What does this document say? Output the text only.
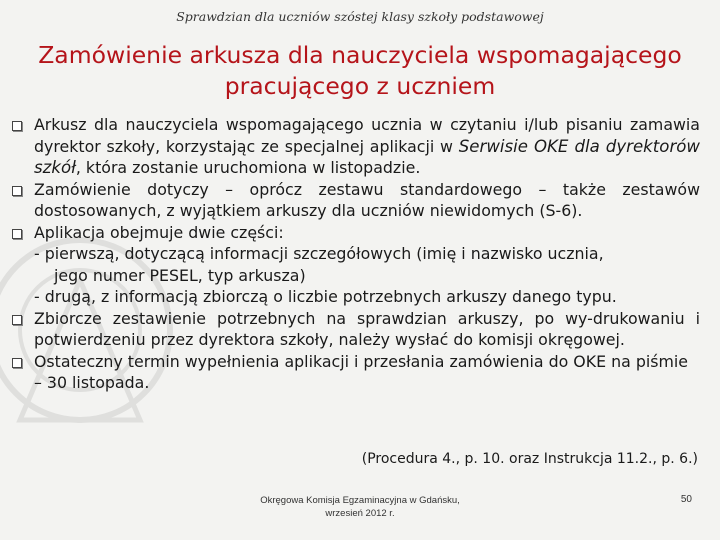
Sprawdzian dla uczniów szóstej klasy szkoły podstawowej
Zamówienie arkusza dla nauczyciela wspomagającego
pracującego z uczniem
Arkusz dla nauczyciela wspomagającego ucznia w czytaniu i/lub pisaniu zamawia dyrektor szkoły, korzystając ze specjalnej aplikacji w Serwisie OKE dla dyrektorów szkół, która zostanie uruchomiona w listopadzie.
Zamówienie dotyczy – oprócz zestawu standardowego – także zestawów dostosowanych, z wyjątkiem arkuszy dla uczniów niewidomych (S-6).
Aplikacja obejmuje dwie części:
- pierwszą, dotyczącą informacji szczegółowych (imię i nazwisko ucznia,
jego numer PESEL, typ arkusza)
- drugą, z informacją zbiorczą o liczbie potrzebnych arkuszy danego typu.
Zbiorcze zestawienie potrzebnych na sprawdzian arkuszy, po wy-drukowaniu i potwierdzeniu przez dyrektora szkoły, należy wysłać do komisji okręgowej.
Ostateczny termin wypełnienia aplikacji i przesłania zamówienia do OKE na piśmie – 30 listopada.
(Procedura 4., p. 10. oraz Instrukcja 11.2., p. 6.)
Okręgowa Komisja Egzaminacyjna w Gdańsku,
wrzesień 2012 r.
50
